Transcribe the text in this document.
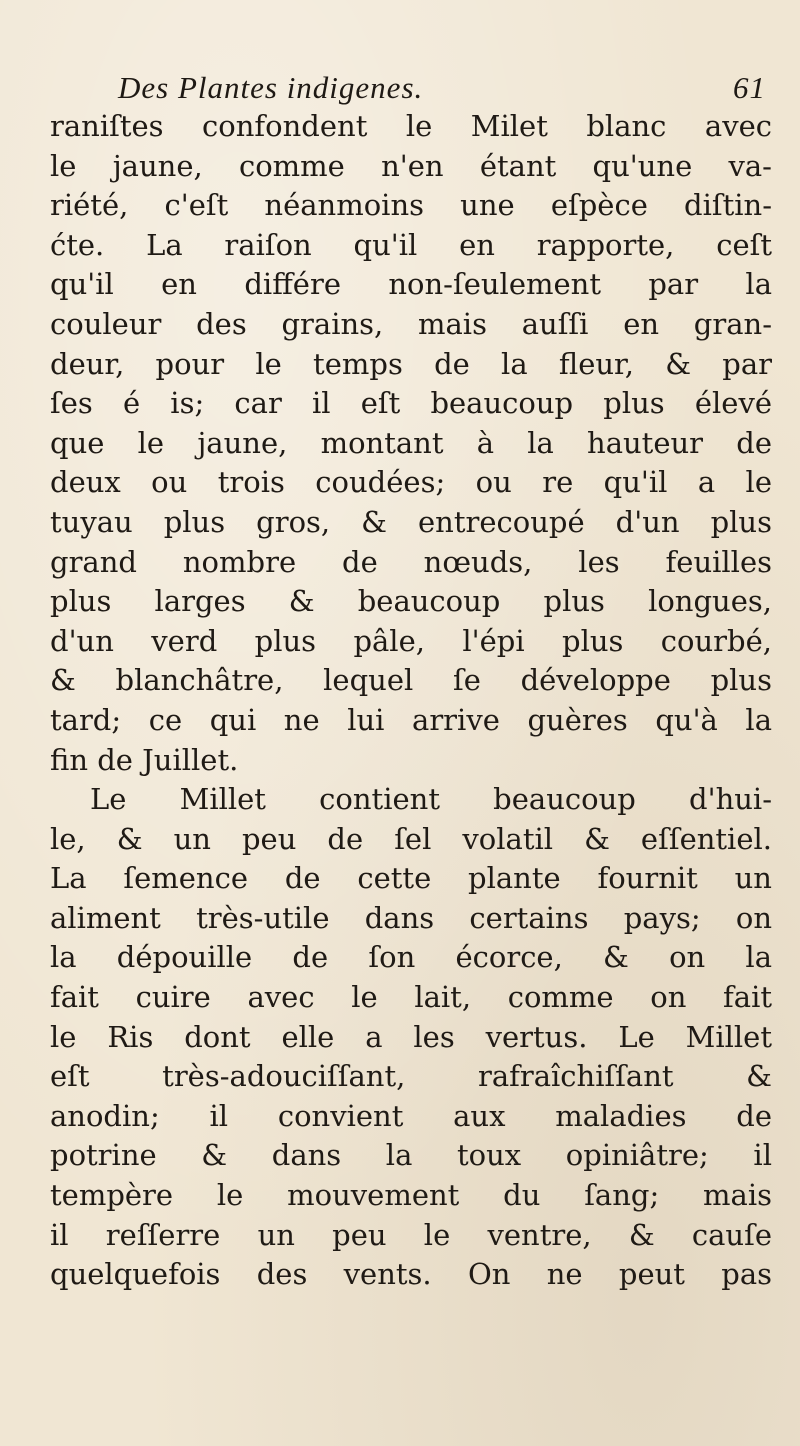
Des Plantes indigenes.	61
raniſtes confondent le Milet blanc avec
le jaune, comme n'en étant qu'une va-
riété, c'eſt néanmoins une eſpèce diſtin-
ćte. La raiſon qu'il en rapporte, ceſt
qu'il en différe non-ſeulement par la
couleur des grains, mais auſſi en gran-
deur, pour le temps de la fleur, & par
ſes é is; car il eſt beaucoup plus élevé
que le jaune, montant à la hauteur de
deux ou trois coudées; ou re qu'il a le
tuyau plus gros, & entrecoupé d'un plus
grand nombre de nœuds, les feuilles
plus larges & beaucoup plus longues,
d'un verd plus pâle, l'épi plus courbé,
& blanchâtre, lequel ſe développe plus
tard; ce qui ne lui arrive guères qu'à la
fin de Juillet.
Le Millet contient beaucoup d'hui-
le, & un peu de ſel volatil & eſſentiel.
La ſemence de cette plante fournit un
aliment très-utile dans certains pays; on
la dépouille de ſon écorce, & on la
fait cuire avec le lait, comme on fait
le Ris dont elle a les vertus. Le Millet
eſt très-adouciſſant, rafraîchiſſant &
anodin; il convient aux maladies de
potrine & dans la toux opiniâtre; il
tempère le mouvement du ſang; mais
il reſſerre un peu le ventre, & cauſe
quelquefois des vents. On ne peut pas
